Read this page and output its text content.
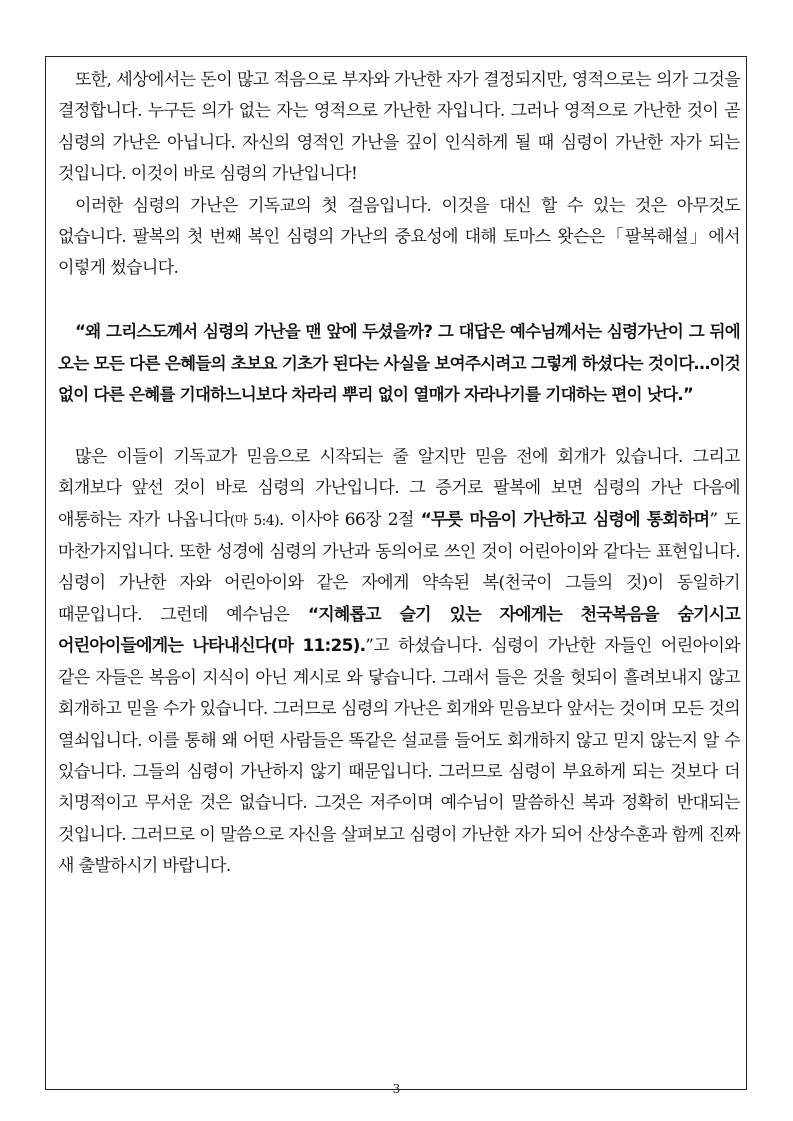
또한, 세상에서는 돈이 많고 적음으로 부자와 가난한 자가 결정되지만, 영적으로는 의가 그것을 결정합니다. 누구든 의가 없는 자는 영적으로 가난한 자입니다. 그러나 영적으로 가난한 것이 곧 심령의 가난은 아닙니다. 자신의 영적인 가난을 깊이 인식하게 될 때 심령이 가난한 자가 되는 것입니다. 이것이 바로 심령의 가난입니다!

이러한 심령의 가난은 기독교의 첫 걸음입니다. 이것을 대신 할 수 있는 것은 아무것도 없습니다. 팔복의 첫 번째 복인 심령의 가난의 중요성에 대해 토마스 왓슨은「팔복해설」에서 이렇게 썼습니다.

“왜 그리스도께서 심령의 가난을 맨 앞에 두셨을까? 그 대답은 예수님께서는 심령가난이 그 뒤에 오는 모든 다른 은혜들의 초보요 기초가 된다는 사실을 보여주시려고 그렇게 하셨다는 것이다…이것 없이 다른 은혜를 기대하느니보다 차라리 뿌리 없이 열매가 자라나기를 기대하는 편이 낫다.”

많은 이들이 기독교가 믿음으로 시작되는 줄 알지만 믿음 전에 회개가 있습니다. 그리고 회개보다 앞선 것이 바로 심령의 가난입니다. 그 증거로 팔복에 보면 심령의 가난 다음에 애통하는 자가 나옵니다(마 5:4). 이사야 66장 2절 “무릇 마음이 가난하고 심령에 통회하며” 도 마찬가지입니다. 또한 성경에 심령의 가난과 동의어로 쓰인 것이 어린아이와 같다는 표현입니다. 심령이 가난한 자와 어린아이와 같은 자에게 약속된 복(천국이 그들의 것)이 동일하기 때문입니다. 그런데 예수님은 “지혜롭고 슬기 있는 자에게는 천국복음을 숨기시고 어린아이들에게는 나타내신다(마 11:25).”고 하셨습니다. 심령이 가난한 자들인 어린아이와 같은 자들은 복음이 지식이 아닌 계시로 와 닿습니다. 그래서 들은 것을 헛되이 흘려보내지 않고 회개하고 믿을 수가 있습니다. 그러므로 심령의 가난은 회개와 믿음보다 앞서는 것이며 모든 것의 열쇠입니다. 이를 통해 왜 어떤 사람들은 똑같은 설교를 들어도 회개하지 않고 믿지 않는지 알 수 있습니다. 그들의 심령이 가난하지 않기 때문입니다. 그러므로 심령이 부요하게 되는 것보다 더 치명적이고 무서운 것은 없습니다. 그것은 저주이며 예수님이 말씀하신 복과 정확히 반대되는 것입니다. 그러므로 이 말씀으로 자신을 살펴보고 심령이 가난한 자가 되어 산상수훈과 함께 진짜 새 출발하시기 바랍니다.

- 3 -
